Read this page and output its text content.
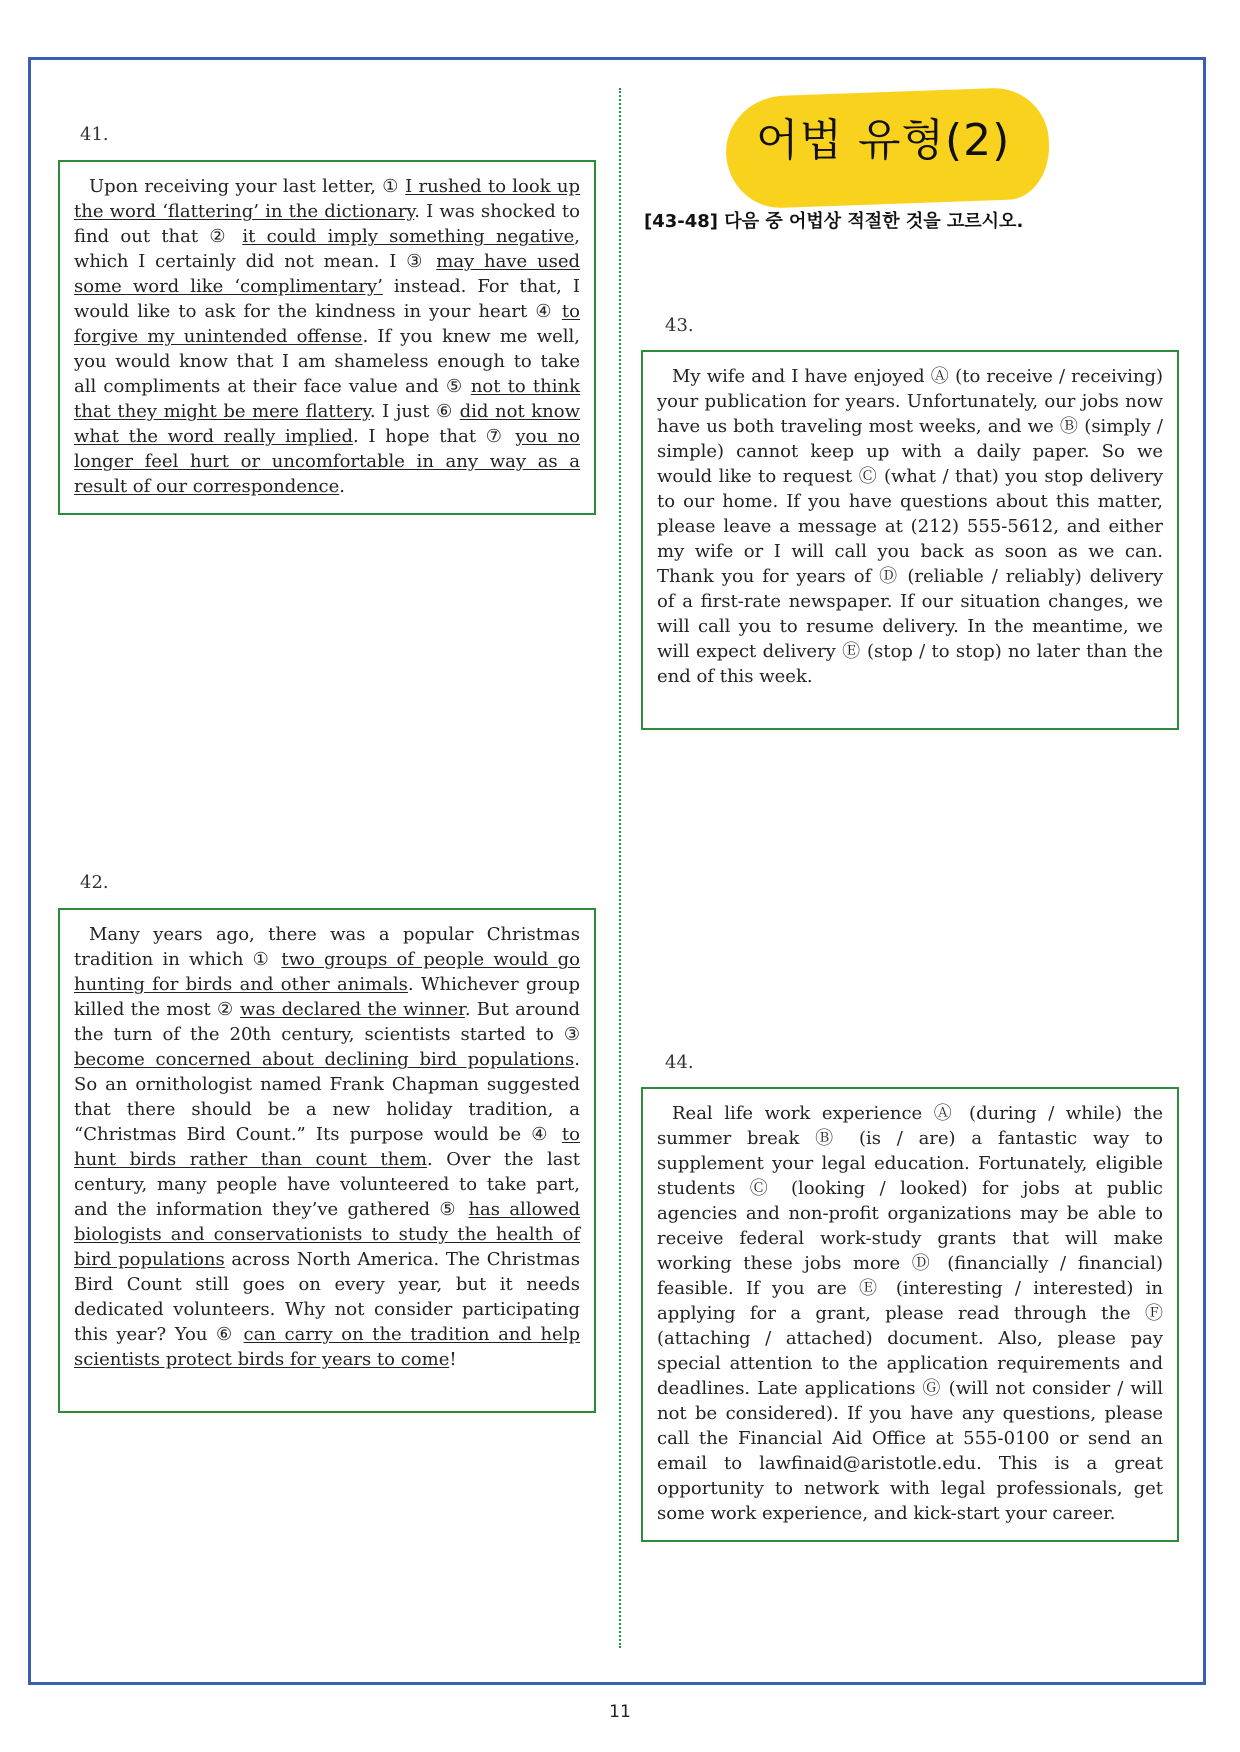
41.

Upon receiving your last letter, ① I rushed to look up the word ‘flattering’ in the dictionary. I was shocked to find out that ② it could imply something negative, which I certainly did not mean. I ③ may have used some word like ‘complimentary’ instead. For that, I would like to ask for the kindness in your heart ④ to forgive my unintended offense. If you knew me well, you would know that I am shameless enough to take all compliments at their face value and ⑤ not to think that they might be mere flattery. I just ⑥ did not know what the word really implied. I hope that ⑦ you no longer feel hurt or uncomfortable in any way as a result of our correspondence.

42.

Many years ago, there was a popular Christmas tradition in which ① two groups of people would go hunting for birds and other animals. Whichever group killed the most ② was declared the winner. But around the turn of the 20th century, scientists started to ③ become concerned about declining bird populations. So an ornithologist named Frank Chapman suggested that there should be a new holiday tradition, a “Christmas Bird Count.” Its purpose would be ④ to hunt birds rather than count them. Over the last century, many people have volunteered to take part, and the information they’ve gathered ⑤ has allowed biologists and conservationists to study the health of bird populations across North America. The Christmas Bird Count still goes on every year, but it needs dedicated volunteers. Why not consider participating this year? You ⑥ can carry on the tradition and help scientists protect birds for years to come!

어법 유형(2)
[43-48] 다음 중 어법상 적절한 것을 고르시오.
43.

My wife and I have enjoyed Ⓐ (to receive / receiving) your publication for years. Unfortunately, our jobs now have us both traveling most weeks, and we Ⓑ (simply / simple) cannot keep up with a daily paper. So we would like to request Ⓒ (what / that) you stop delivery to our home. If you have questions about this matter, please leave a message at (212) 555-5612, and either my wife or I will call you back as soon as we can. Thank you for years of Ⓓ (reliable / reliably) delivery of a first-rate newspaper. If our situation changes, we will call you to resume delivery. In the meantime, we will expect delivery Ⓔ (stop / to stop) no later than the end of this week.

44.

Real life work experience Ⓐ (during / while) the summer break Ⓑ (is / are) a fantastic way to supplement your legal education. Fortunately, eligible students Ⓒ (looking / looked) for jobs at public agencies and non-profit organizations may be able to receive federal work-study grants that will make working these jobs more Ⓓ (financially / financial) feasible. If you are Ⓔ (interesting / interested) in applying for a grant, please read through the Ⓕ (attaching / attached) document. Also, please pay special attention to the application requirements and deadlines. Late applications Ⓖ (will not consider / will not be considered). If you have any questions, please call the Financial Aid Office at 555-0100 or send an email to lawfinaid@aristotle.edu. This is a great opportunity to network with legal professionals, get some work experience, and kick-start your career.

11
